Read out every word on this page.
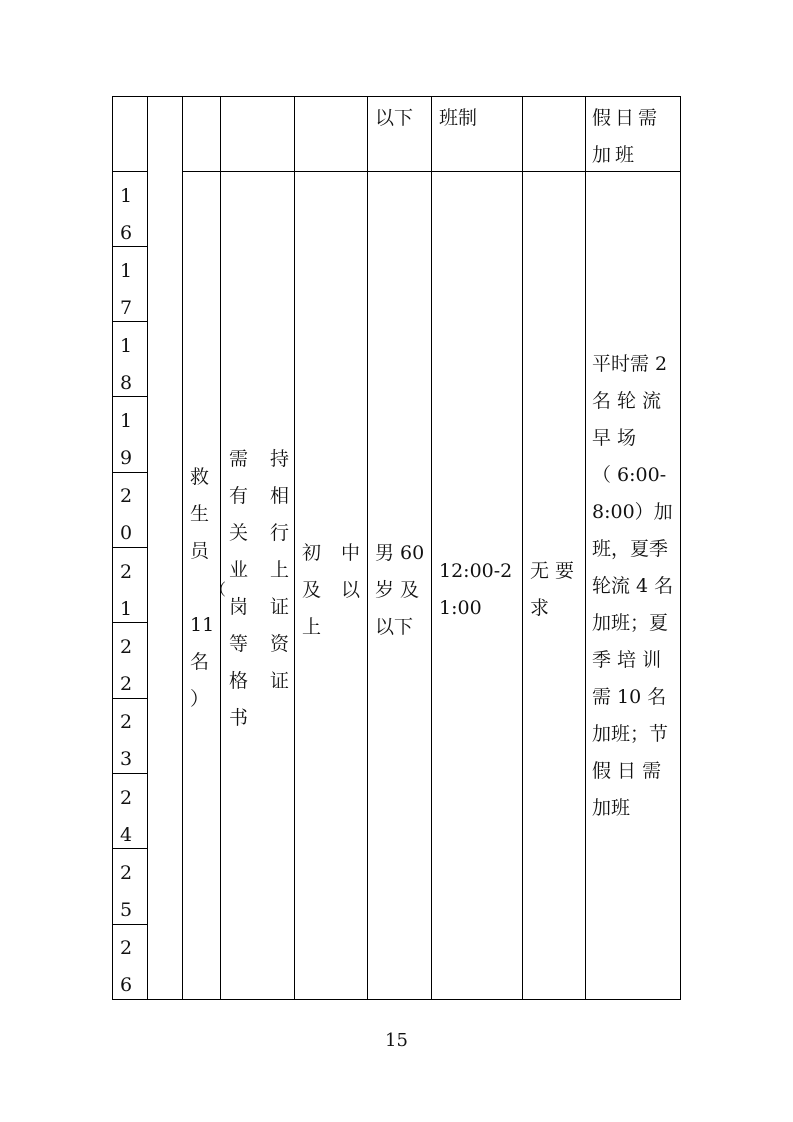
以下 班制	假日需
加班
1
6
1
7
1
8
1
9
2
0
2
1
2
2
2
3
2
4
2
5
2
6
救
生
员

11
名
）
（
需 持
有 相
关 行
业 上
岗 证
等 资
格 证
书
初 中
及 以
上
男 60
岁 及
以下
12:00-2
1:00
无 要
求
平时需 2
名 轮 流
早 场
（ 6:00-
8:00）加
班，夏季
轮流 4 名
加班；夏
季 培 训
需 10 名
加班；节
假 日 需
加班
15
